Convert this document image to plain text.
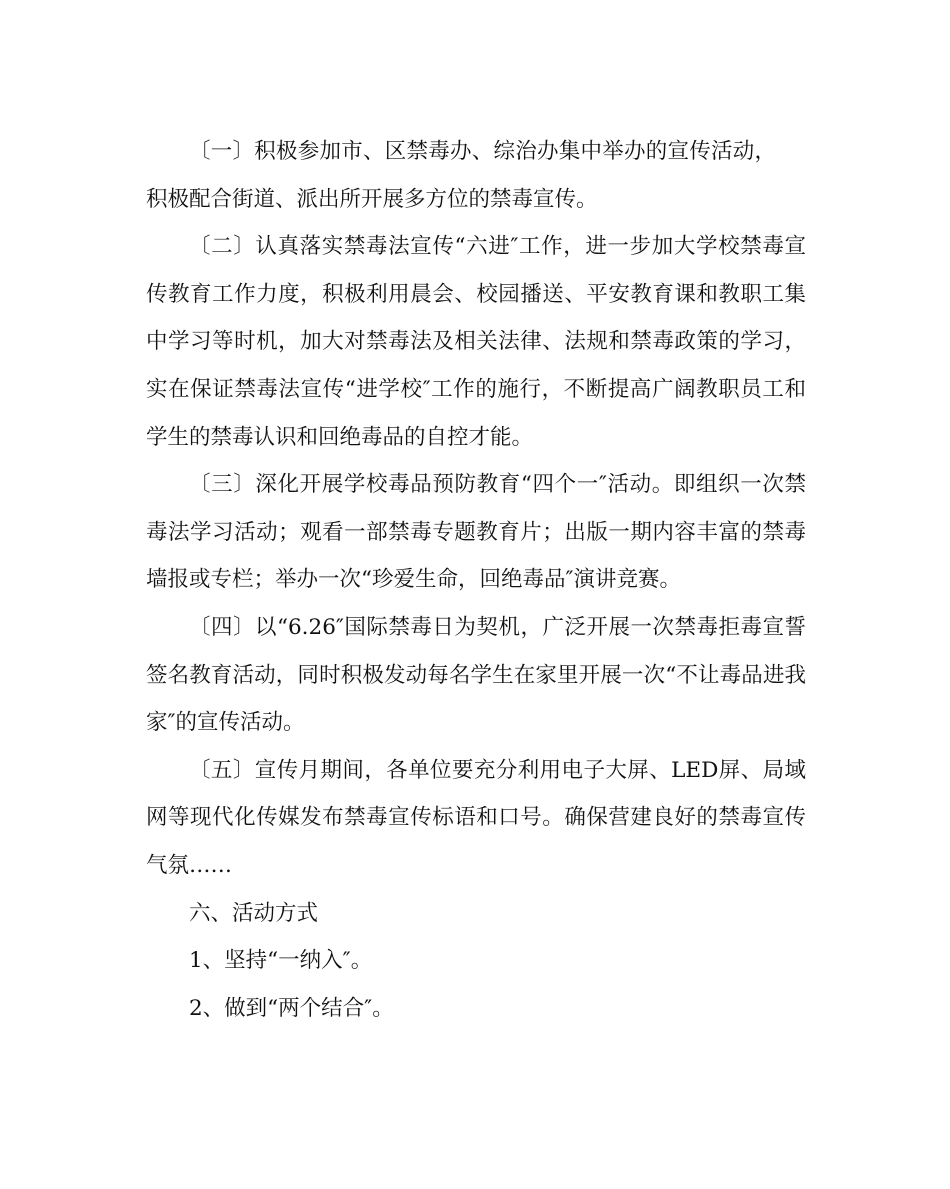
〔一〕积极参加市、区禁毒办、综治办集中举办的宣传活动，积极配合街道、派出所开展多方位的禁毒宣传。

〔二〕认真落实禁毒法宣传“六进″工作，进一步加大学校禁毒宣传教育工作力度，积极利用晨会、校园播送、平安教育课和教职工集中学习等时机，加大对禁毒法及相关法律、法规和禁毒政策的学习，实在保证禁毒法宣传“进学校″工作的施行，不断提高广阔教职员工和学生的禁毒认识和回绝毒品的自控才能。

〔三〕深化开展学校毒品预防教育“四个一″活动。即组织一次禁毒法学习活动；观看一部禁毒专题教育片；出版一期内容丰富的禁毒墙报或专栏；举办一次“珍爱生命，回绝毒品″演讲竞赛。

〔四〕以“6.26″国际禁毒日为契机，广泛开展一次禁毒拒毒宣誓签名教育活动，同时积极发动每名学生在家里开展一次“不让毒品进我家″的宣传活动。

〔五〕宣传月期间，各单位要充分利用电子大屏、LED屏、局域网等现代化传媒发布禁毒宣传标语和口号。确保营建良好的禁毒宣传气氛……

六、活动方式

1、坚持“一纳入″。

2、做到“两个结合″。
